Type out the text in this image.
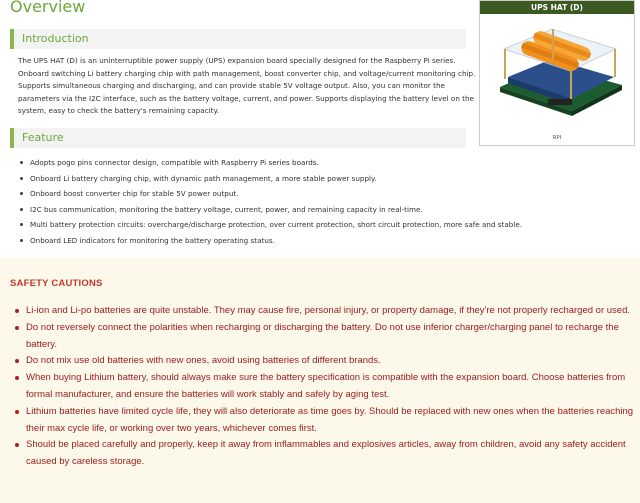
Overview
Introduction
The UPS HAT (D) is an uninterruptible power supply (UPS) expansion board specially designed for the Raspberry Pi series. Onboard switching Li battery charging chip with path management, boost converter chip, and voltage/current monitoring chip. Supports simultaneous charging and discharging, and can provide stable 5V voltage output. Also, you can monitor the parameters via the I2C interface, such as the battery voltage, current, and power. Supports displaying the battery level on the system, easy to check the battery's remaining capacity.
Feature
Adopts pogo pins connector design, compatible with Raspberry Pi series boards.
Onboard Li battery charging chip, with dynamic path management, a more stable power supply.
Onboard boost converter chip for stable 5V power output.
I2C bus communication, monitoring the battery voltage, current, power, and remaining capacity in real-time.
Multi battery protection circuits: overcharge/discharge protection, over current protection, short circuit protection, more safe and stable.
Onboard LED indicators for monitoring the battery operating status.
UPS HAT (D)
RPI
SAFETY CAUTIONS
Li-ion and Li-po batteries are quite unstable. They may cause fire, personal injury, or property damage, if they're not properly recharged or used.
Do not reversely connect the polarities when recharging or discharging the battery. Do not use inferior charger/charging panel to recharge the battery.
Do not mix use old batteries with new ones, avoid using batteries of different brands.
When buying Lithium battery, should always make sure the battery specification is compatible with the expansion board. Choose batteries from formal manufacturer, and ensure the batteries will work stably and safely by aging test.
Lithium batteries have limited cycle life, they will also deteriorate as time goes by. Should be replaced with new ones when the batteries reaching their max cycle life, or working over two years, whichever comes first.
Should be placed carefully and properly, keep it away from inflammables and explosives articles, away from children, avoid any safety accident caused by careless storage.
